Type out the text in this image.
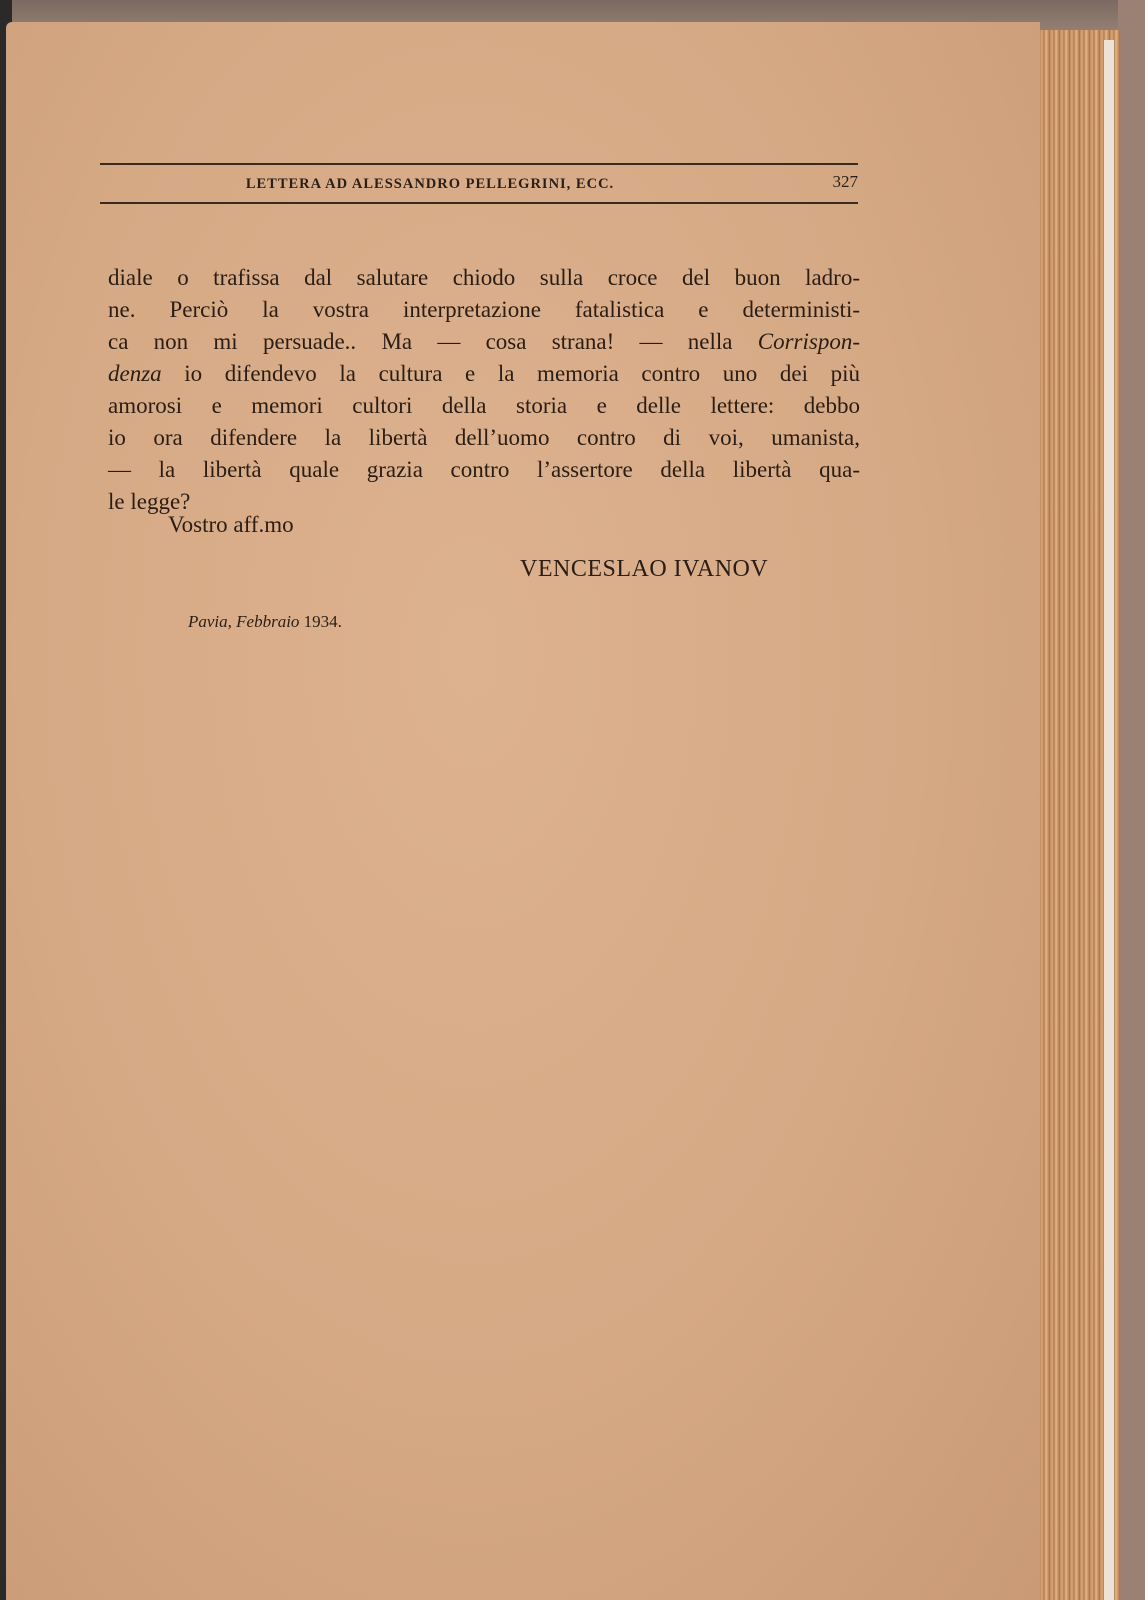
LETTERA AD ALESSANDRO PELLEGRINI, ECC.	327
diale o trafissa dal salutare chiodo sulla croce del buon ladro-
ne. Perciò la vostra interpretazione fatalistica e deterministi-
ca non mi persuade.. Ma — cosa strana! — nella Corrispon-
denza io difendevo la cultura e la memoria contro uno dei più
amorosi e memori cultori della storia e delle lettere: debbo
io ora difendere la libertà dell’uomo contro di voi, umanista,
— la libertà quale grazia contro l’assertore della libertà qua-
le legge?
Vostro aff.mo
VENCESLAO IVANOV
Pavia, Febbraio 1934.
